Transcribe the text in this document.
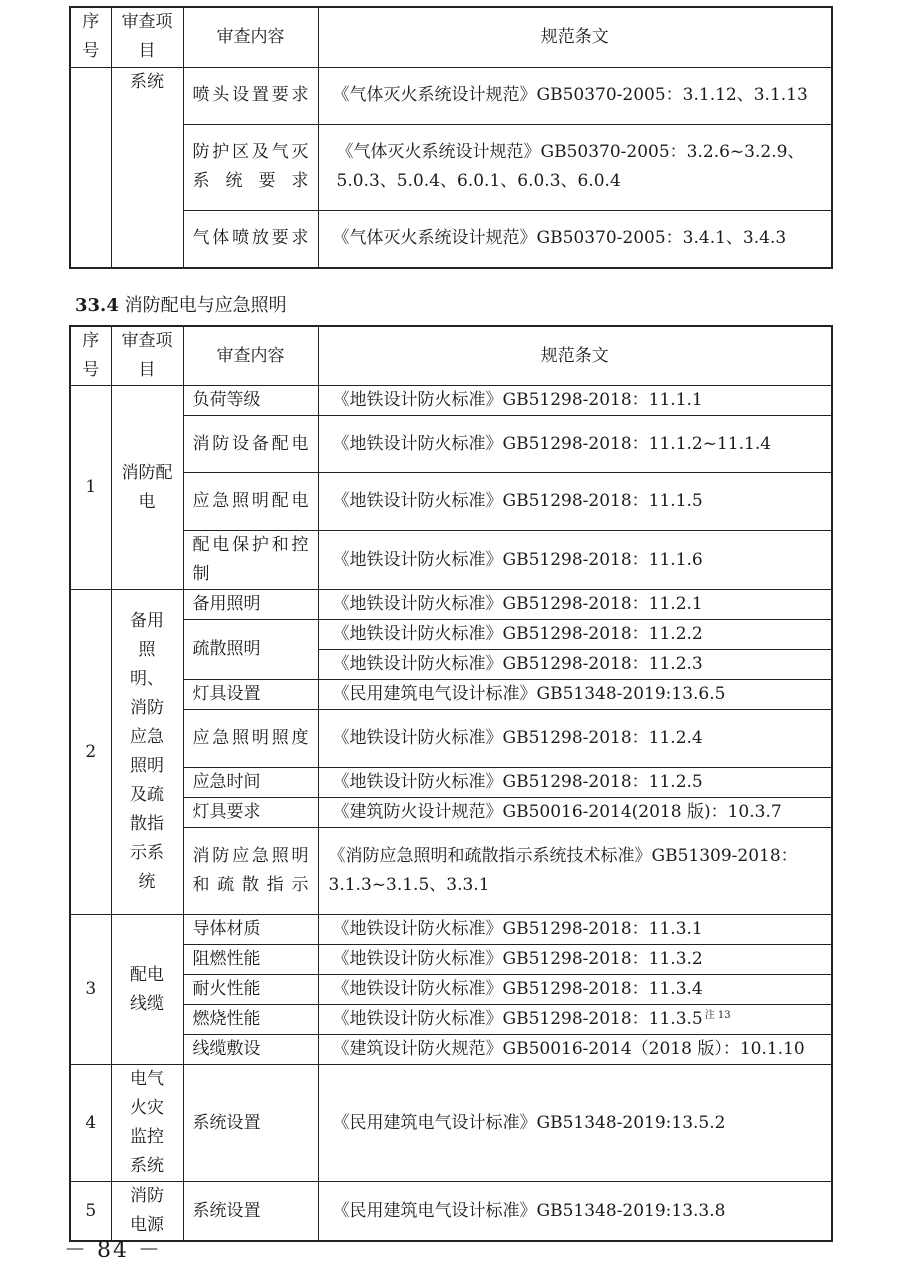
序号	审查项目	审查内容	规范条文
	系统	喷头设置要求	《气体灭火系统设计规范》GB50370-2005：3.1.12、3.1.13
		防护区及气灭系统要求	《气体灭火系统设计规范》GB50370-2005：3.2.6~3.2.9、5.0.3、5.0.4、6.0.1、6.0.3、6.0.4
		气体喷放要求	《气体灭火系统设计规范》GB50370-2005：3.4.1、3.4.3
33.4 消防配电与应急照明
序号	审查项目	审查内容	规范条文
1	消防配电	负荷等级	《地铁设计防火标准》GB51298-2018：11.1.1
		消防设备配电	《地铁设计防火标准》GB51298-2018：11.1.2~11.1.4
		应急照明配电	《地铁设计防火标准》GB51298-2018：11.1.5
		配电保护和控制	《地铁设计防火标准》GB51298-2018：11.1.6
2	备用照明、消防应急照明及疏散指示系统	备用照明	《地铁设计防火标准》GB51298-2018：11.2.1
		疏散照明	《地铁设计防火标准》GB51298-2018：11.2.2
			《地铁设计防火标准》GB51298-2018：11.2.3
		灯具设置	《民用建筑电气设计标准》GB51348-2019:13.6.5
		应急照明照度	《地铁设计防火标准》GB51298-2018：11.2.4
		应急时间	《地铁设计防火标准》GB51298-2018：11.2.5
		灯具要求	《建筑防火设计规范》GB50016-2014(2018 版)：10.3.7
		消防应急照明和疏散指示	《消防应急照明和疏散指示系统技术标准》GB51309-2018：3.1.3~3.1.5、3.3.1
3	配电线缆	导体材质	《地铁设计防火标准》GB51298-2018：11.3.1
		阻燃性能	《地铁设计防火标准》GB51298-2018：11.3.2
		耐火性能	《地铁设计防火标准》GB51298-2018：11.3.4
		燃烧性能	《地铁设计防火标准》GB51298-2018：11.3.5 $^{注 13}$
		线缆敷设	《建筑设计防火规范》GB50016-2014（2018 版）：10.1.10
4	电气火灾监控系统	系统设置	《民用建筑电气设计标准》GB51348-2019:13.5.2
5	消防电源	系统设置	《民用建筑电气设计标准》GB51348-2019:13.3.8
－ 84 －
